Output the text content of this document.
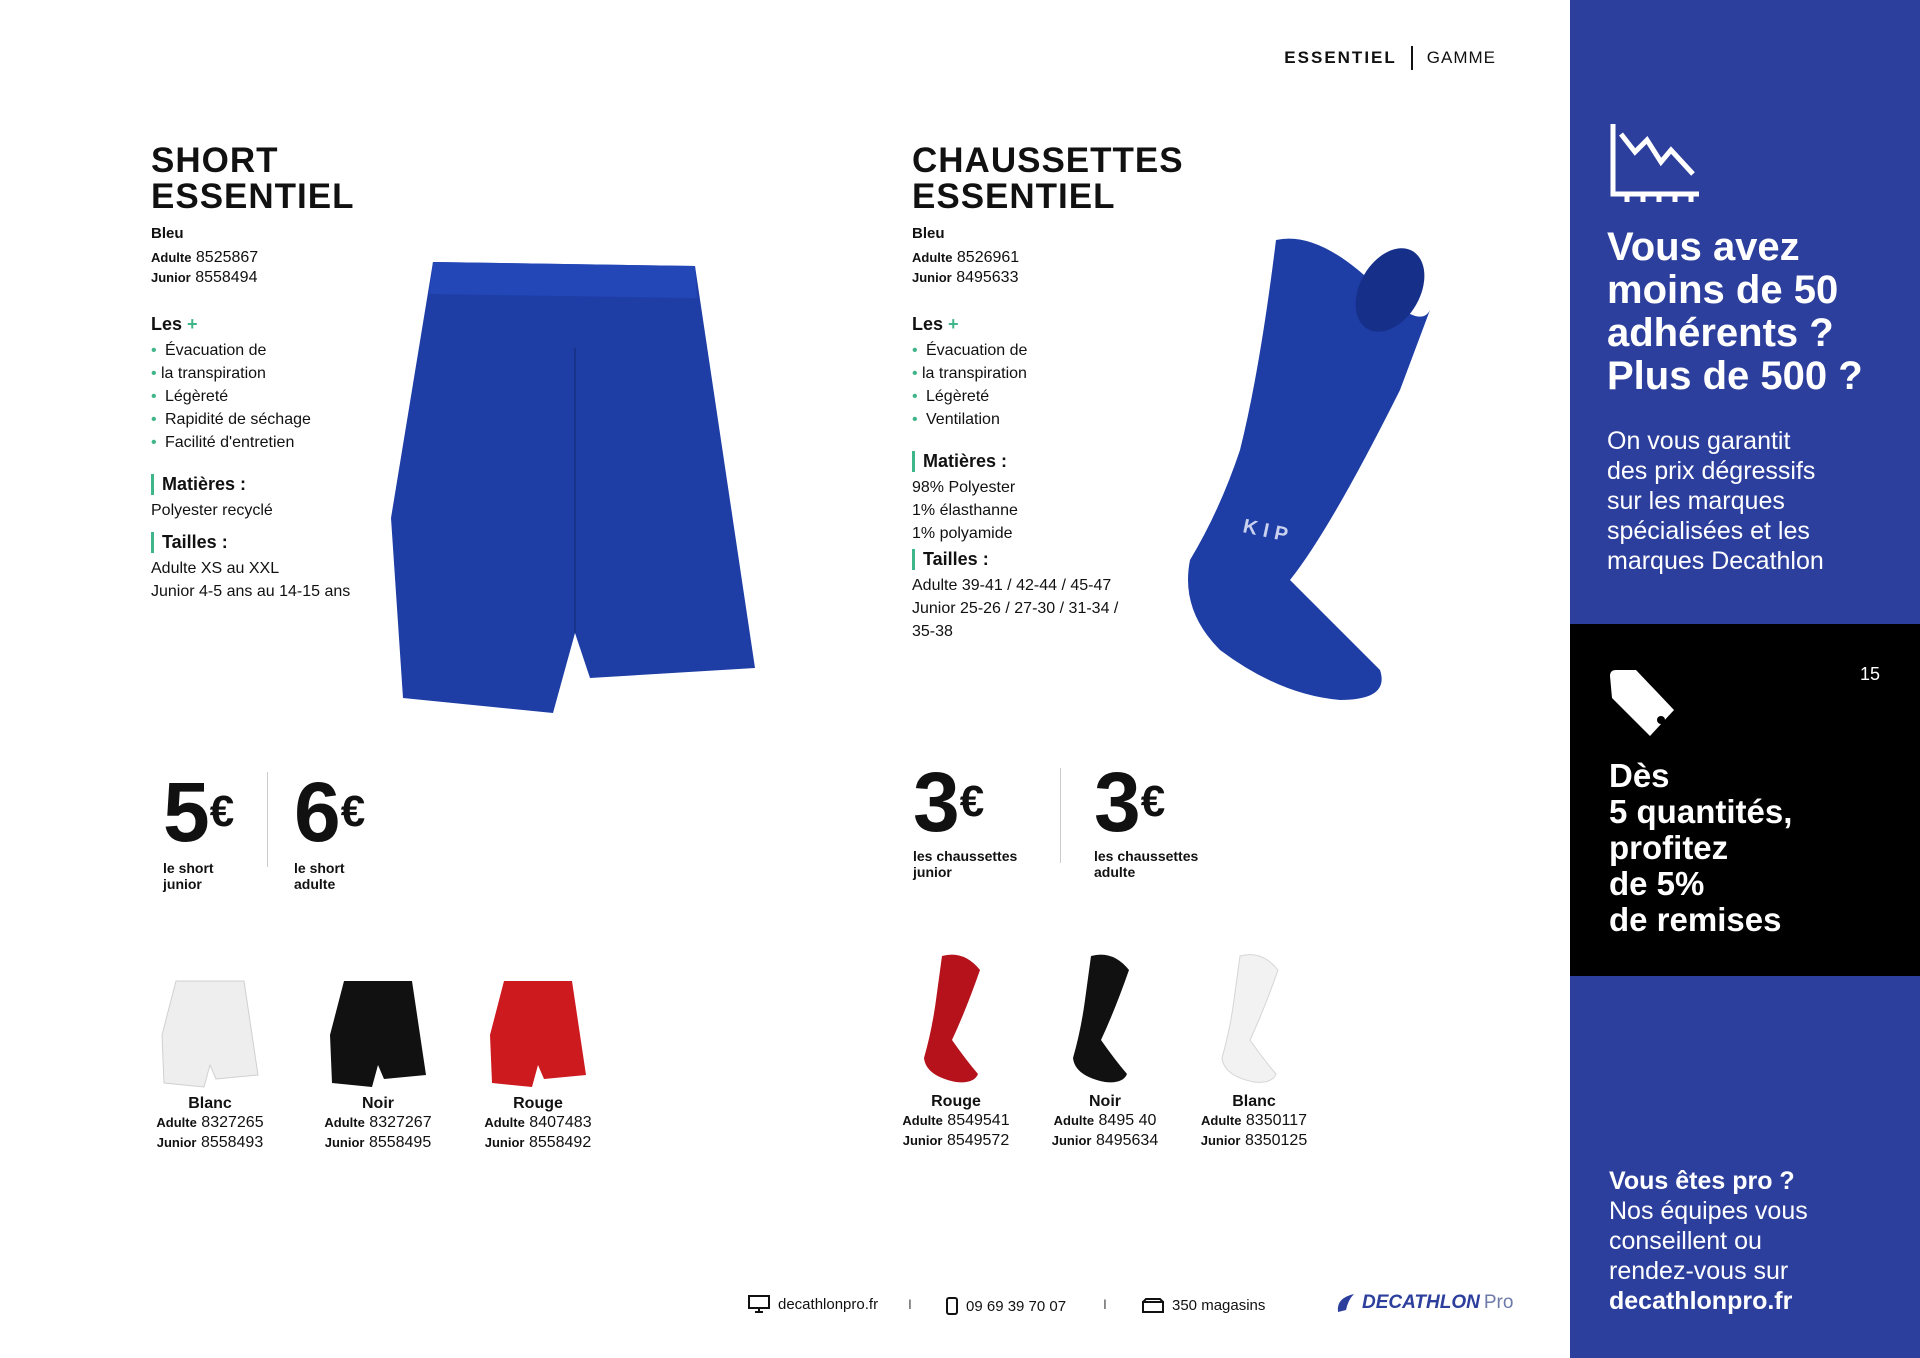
ESSENTIEL GAMME
SHORT
ESSENTIEL
Bleu
Adulte 8525867
Junior 8558494
Les +
• Évacuation de
• la transpiration
• Légèreté
• Rapidité de séchage
• Facilité d'entretien
Matières :
Polyester recyclé
Tailles :
Adulte XS au XXL
Junior 4-5 ans au 14-15 ans
5€
le short
junior
6€
le short
adulte
Blanc
Adulte 8327265
Junior 8558493
Noir
Adulte 8327267
Junior 8558495
Rouge
Adulte 8407483
Junior 8558492
CHAUSSETTES
ESSENTIEL
Bleu
Adulte 8526961
Junior 8495633
Les +
• Évacuation de
• la transpiration
• Légèreté
• Ventilation
Matières :
98% Polyester
1% élasthanne
1% polyamide
Tailles :
Adulte 39-41 / 42-44 / 45-47
Junior 25-26 / 27-30 / 31-34 /
35-38
KIP
3€
les chaussettes
junior
3€
les chaussettes
adulte
Rouge
Adulte 8549541
Junior 8549572
Noir
Adulte 8495 40
Junior 8495634
Blanc
Adulte 8350117
Junior 8350125
decathlonpro.fr I	09 69 39 70 07	I	350 magasins	DECATHLON Pro
Vous avez
moins de 50
adhérents ?
Plus de 500 ?
On vous garantit
des prix dégressifs
sur les marques
spécialisées et les
marques Decathlon
15
Dès
5 quantités,
profitez
de 5%
de remises
Vous êtes pro ?
Nos équipes vous
conseillent ou
rendez-vous sur
decathlonpro.fr
